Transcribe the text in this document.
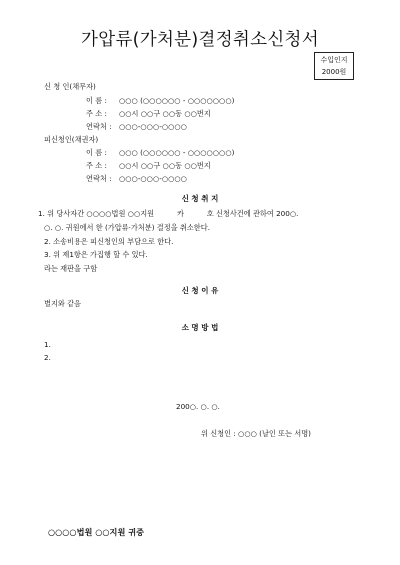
가압류(가처분)결정취소신청서
수입인지
2000원
신 청 인(채무자)
이 름 : ○○○ (○○○○○○ - ○○○○○○○)
주 소 : ○○시 ○○구 ○○동 ○○번지
연락처 : ○○○-○○○-○○○○
피신청인(채권자)
이 름 : ○○○ (○○○○○○ - ○○○○○○○)
주 소 : ○○시 ○○구 ○○동 ○○번지
연락처 : ○○○-○○○-○○○○
신 청 취 지
1. 위 당사자간 ○○○○법원 ○○지원          카          호 신청사건에 관하여 200○.
○. ○. 귀원에서 한 (가압류·가처분) 결정을 취소한다.
2. 소송비용은 피신청인의 부담으로 한다.
3. 위 제1항은 가집행 할 수 있다.
라는 재판을 구함
신 청 이 유
별지와 같음
소 명 방 법
1.
2.
200○. ○. ○.
위 신청인 : ○○○ (날인 또는 서명)
○○○○법원 ○○지원 귀중
